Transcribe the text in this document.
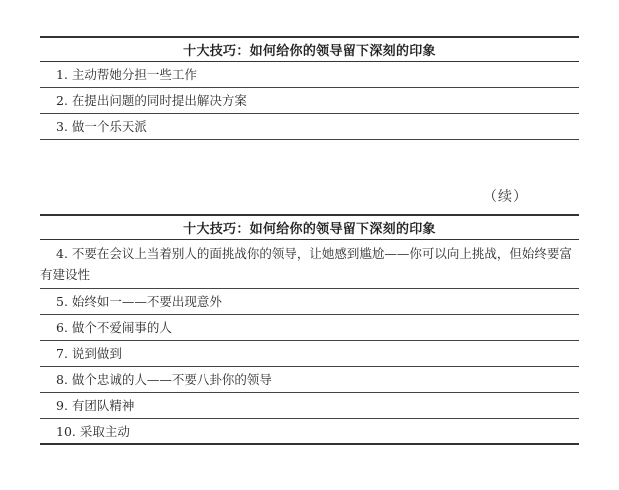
十大技巧：如何给你的领导留下深刻的印象
1. 主动帮她分担一些工作
2. 在提出问题的同时提出解决方案
3. 做一个乐天派
（续）
十大技巧：如何给你的领导留下深刻的印象
4. 不要在会议上当着别人的面挑战你的领导，让她感到尴尬——你可以向上挑战，但始终要富有建设性
5. 始终如一——不要出现意外
6. 做个不爱闹事的人
7. 说到做到
8. 做个忠诚的人——不要八卦你的领导
9. 有团队精神
10. 采取主动
